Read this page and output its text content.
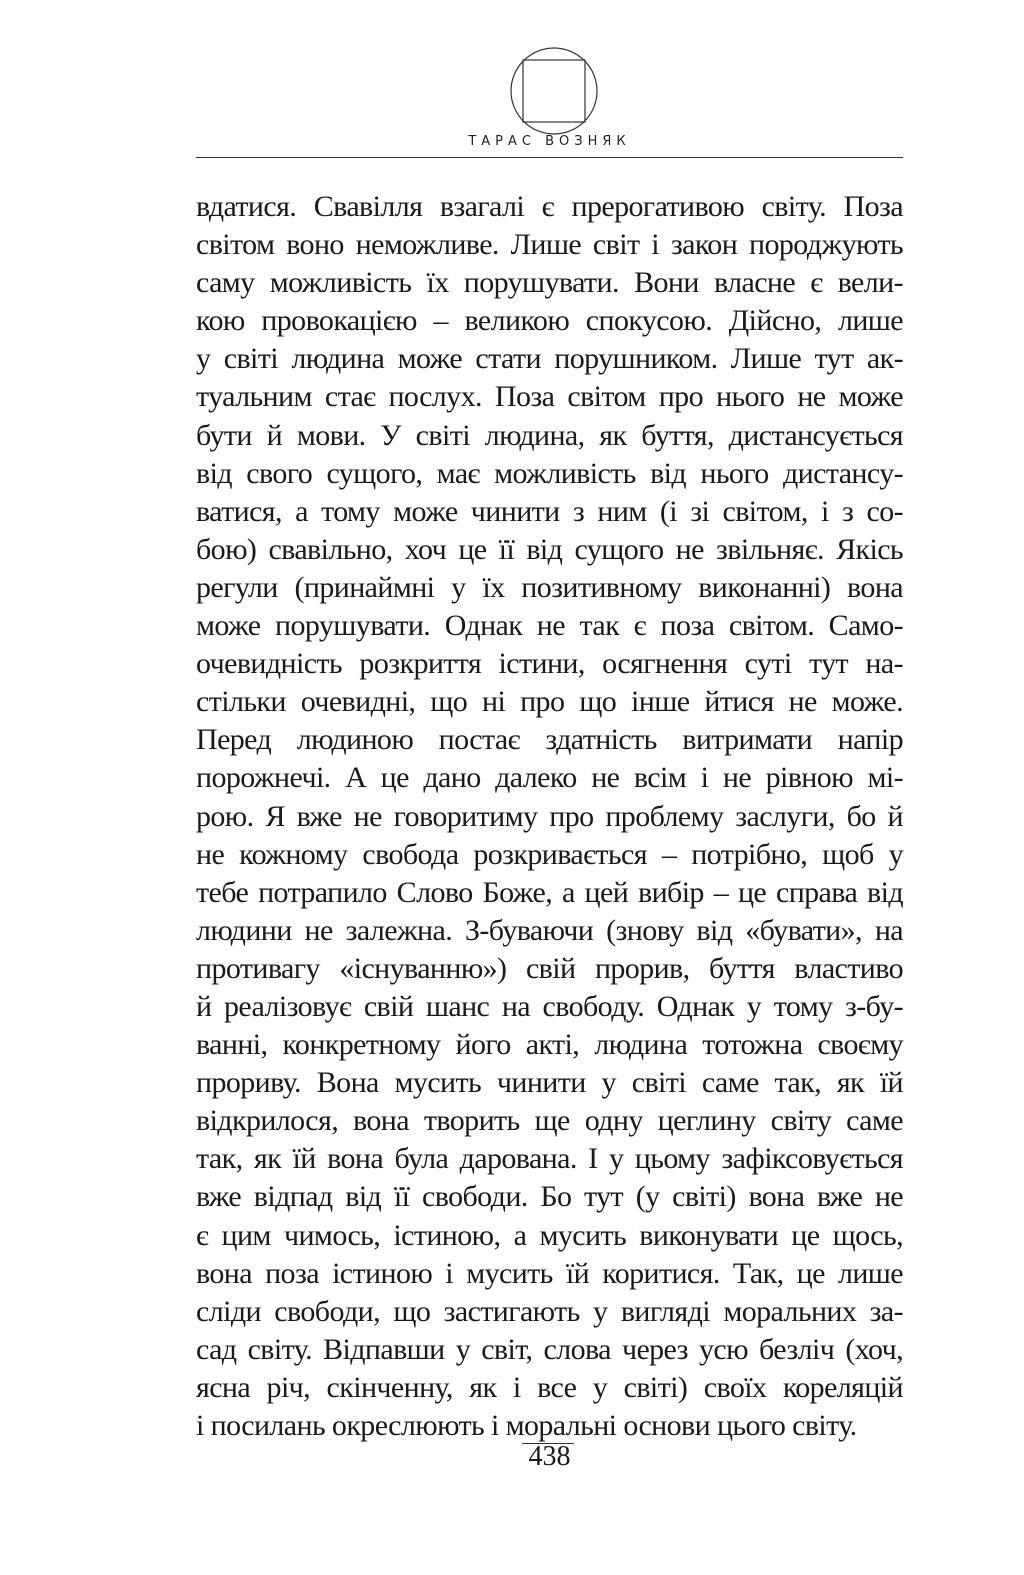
ТАРАС ВОЗНЯК
вдатися. Свавілля взагалі є прерогативою світу. Поза
світом воно неможливе. Лише світ і закон породжують
саму можливість їх порушувати. Вони власне є вели-
кою провокацією – великою спокусою. Дійсно, лише
у світі людина може стати порушником. Лише тут ак-
туальним стає послух. Поза світом про нього не може
бути й мови. У світі людина, як буття, дистансується
від свого сущого, має можливість від нього дистансу-
ватися, а тому може чинити з ним (і зі світом, і з со-
бою) свавільно, хоч це її від сущого не звільняє. Якісь
регули (принаймні у їх позитивному виконанні) вона
може порушувати. Однак не так є поза світом. Само-
очевидність розкриття істини, осягнення суті тут на-
стільки очевидні, що ні про що інше йтися не може.
Перед людиною постає здатність витримати напір
порожнечі. А це дано далеко не всім і не рівною мі-
рою. Я вже не говоритиму про проблему заслуги, бо й
не кожному свобода розкривається – потрібно, щоб у
тебе потрапило Слово Боже, а цей вибір – це справа від
людини не залежна. З-буваючи (знову від «бувати», на
противагу «існуванню») свій прорив, буття властиво
й реалізовує свій шанс на свободу. Однак у тому з-бу-
ванні, конкретному його акті, людина тотожна своєму
прориву. Вона мусить чинити у світі саме так, як їй
відкрилося, вона творить ще одну цеглину світу саме
так, як їй вона була дарована. І у цьому зафіксовується
вже відпад від її свободи. Бо тут (у світі) вона вже не
є цим чимось, істиною, а мусить виконувати це щось,
вона поза істиною і мусить їй коритися. Так, це лише
сліди свободи, що застигають у вигляді моральних за-
сад світу. Відпавши у світ, слова через усю безліч (хоч,
ясна річ, скінченну, як і все у світі) своїх кореляцій
і посилань окреслюють і моральні основи цього світу.
438
